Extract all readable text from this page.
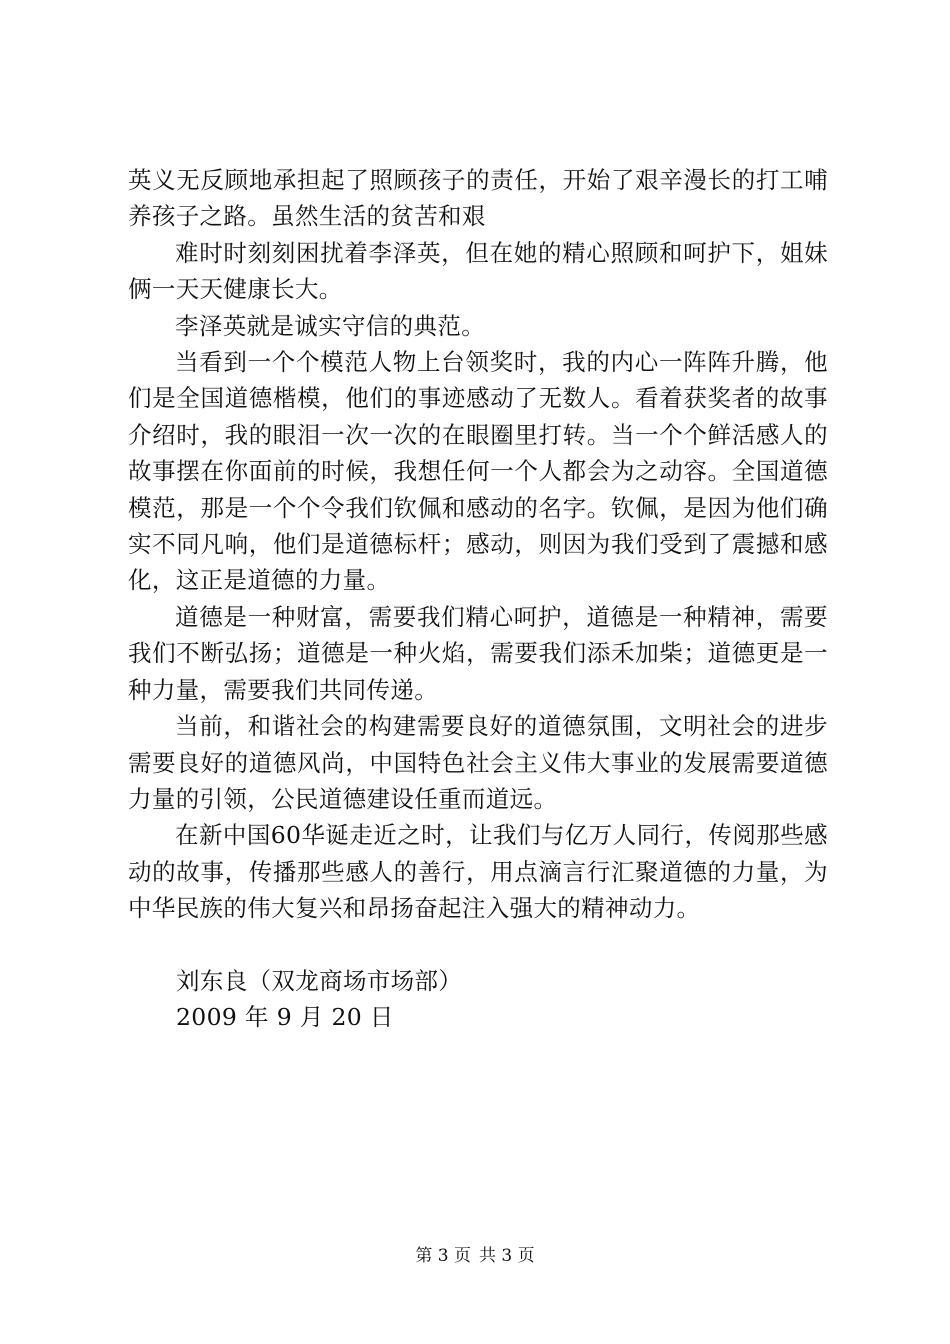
英义无反顾地承担起了照顾孩子的责任，开始了艰辛漫长的打工哺养孩子之路。虽然生活的贫苦和艰

难时时刻刻困扰着李泽英，但在她的精心照顾和呵护下，姐妹俩一天天健康长大。

李泽英就是诚实守信的典范。

当看到一个个模范人物上台领奖时，我的内心一阵阵升腾，他们是全国道德楷模，他们的事迹感动了无数人。看着获奖者的故事介绍时，我的眼泪一次一次的在眼圈里打转。当一个个鲜活感人的故事摆在你面前的时候，我想任何一个人都会为之动容。全国道德模范，那是一个个令我们钦佩和感动的名字。钦佩，是因为他们确实不同凡响，他们是道德标杆；感动，则因为我们受到了震撼和感化，这正是道德的力量。

道德是一种财富，需要我们精心呵护，道德是一种精神，需要我们不断弘扬；道德是一种火焰，需要我们添禾加柴；道德更是一种力量，需要我们共同传递。

当前，和谐社会的构建需要良好的道德氛围，文明社会的进步需要良好的道德风尚，中国特色社会主义伟大事业的发展需要道德力量的引领，公民道德建设任重而道远。

在新中国60华诞走近之时，让我们与亿万人同行，传阅那些感动的故事，传播那些感人的善行，用点滴言行汇聚道德的力量，为中华民族的伟大复兴和昂扬奋起注入强大的精神动力。

刘东良（双龙商场市场部）

2009 年 9 月 20 日

第 3 页 共 3 页
